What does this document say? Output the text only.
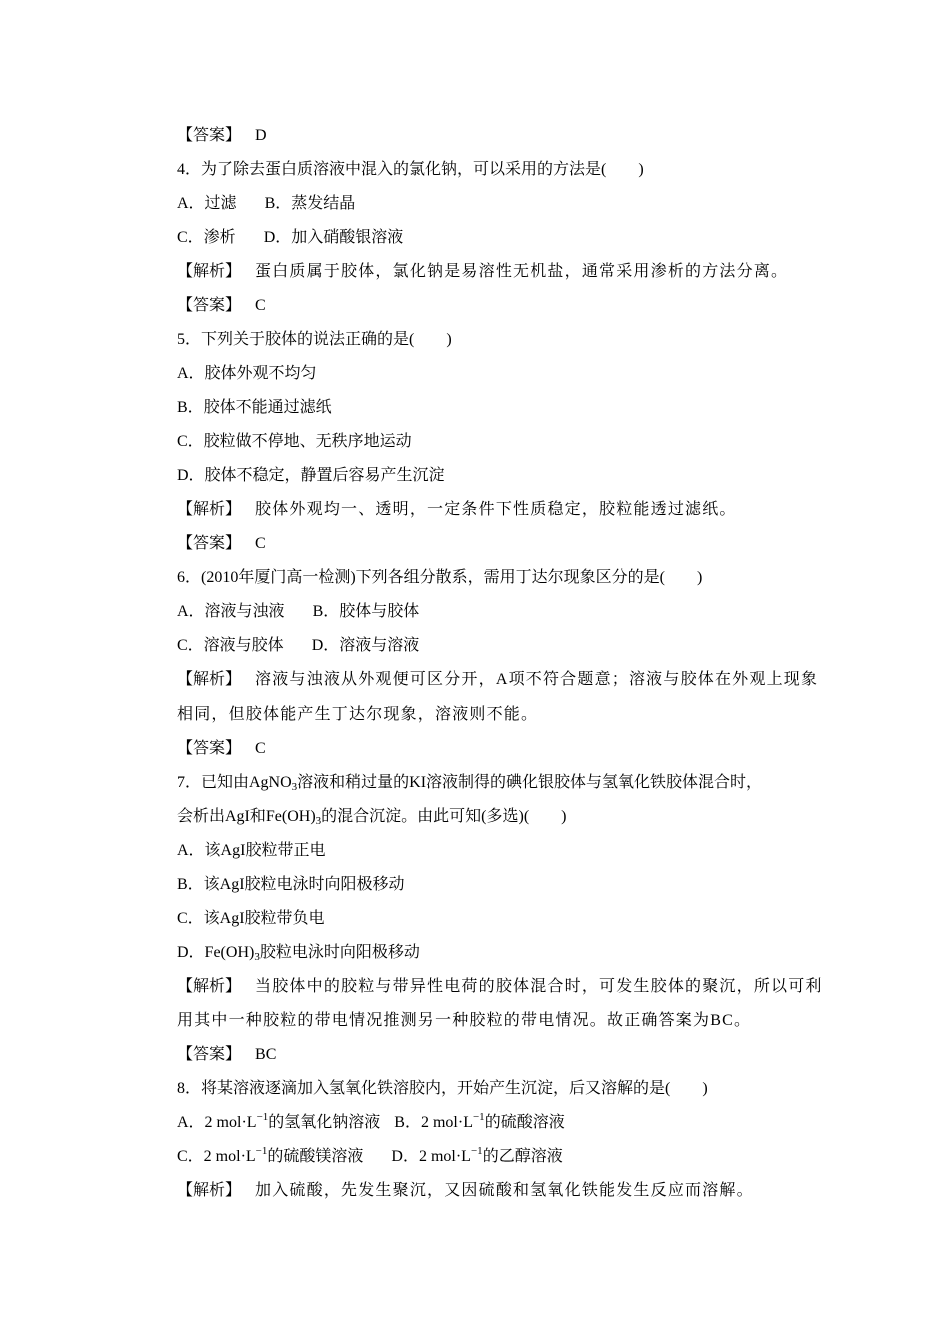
【答案】 D
4．为了除去蛋白质溶液中混入的氯化钠，可以采用的方法是(　　)
A．过滤 B．蒸发结晶
C．渗析 D．加入硝酸银溶液
【解析】 蛋白质属于胶体，氯化钠是易溶性无机盐，通常采用渗析的方法分离。
【答案】 C
5．下列关于胶体的说法正确的是(　　)
A．胶体外观不均匀
B．胶体不能通过滤纸
C．胶粒做不停地、无秩序地运动
D．胶体不稳定，静置后容易产生沉淀
【解析】 胶体外观均一、透明，一定条件下性质稳定，胶粒能透过滤纸。
【答案】 C
6．(2010年厦门高一检测)下列各组分散系，需用丁达尔现象区分的是(　　)
A．溶液与浊液 B．胶体与胶体
C．溶液与胶体 D．溶液与溶液
【解析】 溶液与浊液从外观便可区分开，A项不符合题意；溶液与胶体在外观上现象
相同，但胶体能产生丁达尔现象，溶液则不能。
【答案】 C
7．已知由AgNO$_3$溶液和稍过量的KI溶液制得的碘化银胶体与氢氧化铁胶体混合时，
会析出AgI和$Fe(OH)_3$的混合沉淀。由此可知(多选)(　　)
A．该AgI胶粒带正电
B．该AgI胶粒电泳时向阳极移动
C．该AgI胶粒带负电
D．$Fe(OH)_3$胶粒电泳时向阳极移动
【解析】 当胶体中的胶粒与带异性电荷的胶体混合时，可发生胶体的聚沉，所以可利
用其中一种胶粒的带电情况推测另一种胶粒的带电情况。故正确答案为BC。
【答案】 BC
8．将某溶液逐滴加入氢氧化铁溶胶内，开始产生沉淀，后又溶解的是(　　)
A．2 $mol\cdot L^{-1}$的氢氧化钠溶液 B．2 $mol\cdot L^{-1}$的硫酸溶液
C．2 $mol\cdot L^{-1}$的硫酸镁溶液 D．2 $mol\cdot L^{-1}$的乙醇溶液
【解析】 加入硫酸，先发生聚沉，又因硫酸和氢氧化铁能发生反应而溶解。
